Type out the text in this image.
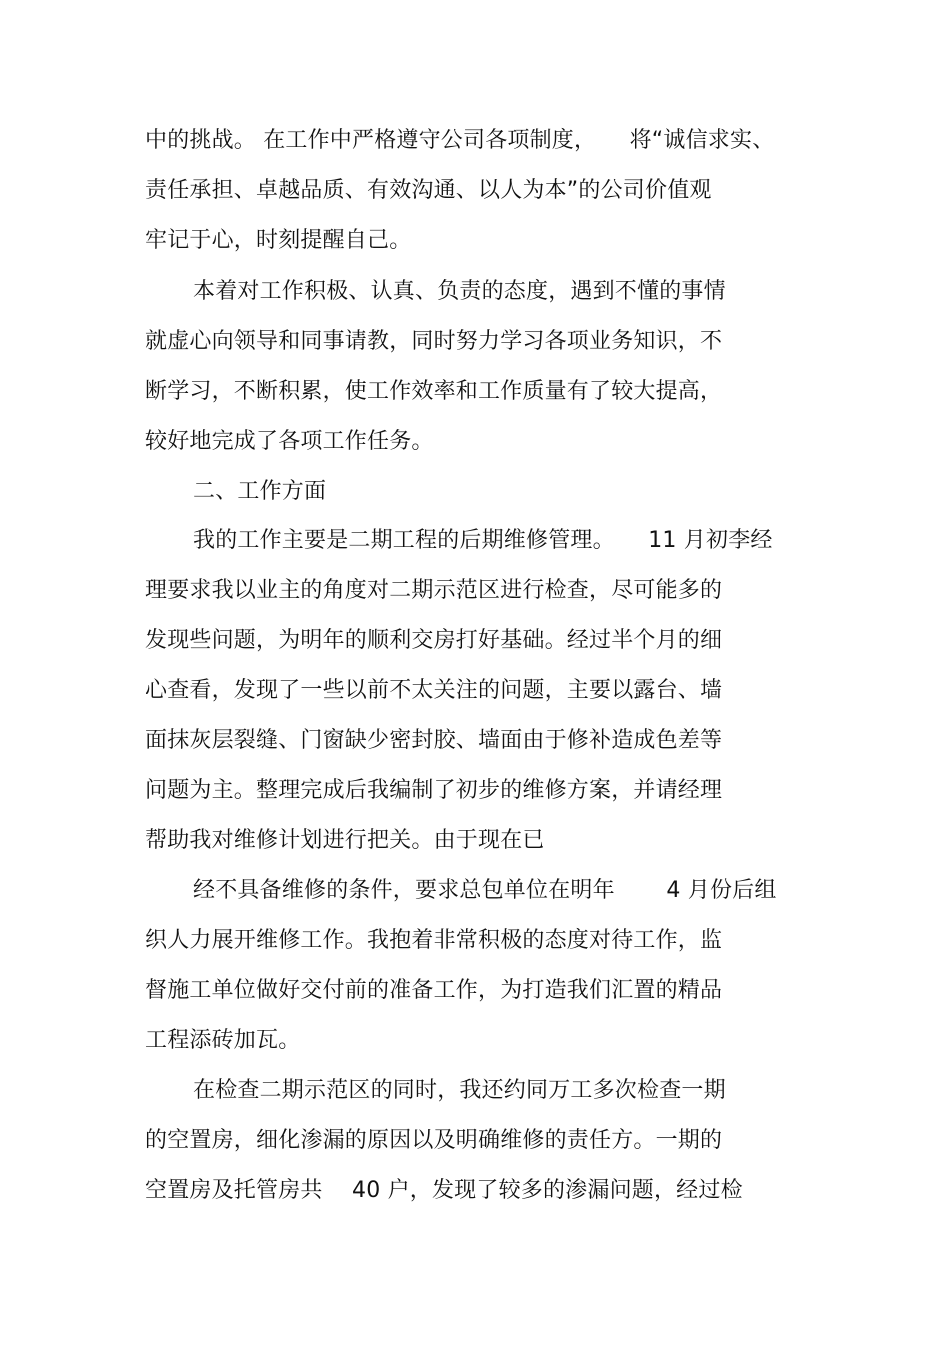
中的挑战。 在工作中严格遵守公司各项制度，　　将“诚信求实、
责任承担、卓越品质、有效沟通、以人为本”的公司价值观
牢记于心，时刻提醒自己。
本着对工作积极、认真、负责的态度，遇到不懂的事情
就虚心向领导和同事请教，同时努力学习各项业务知识，不
断学习，不断积累，使工作效率和工作质量有了较大提高，
较好地完成了各项工作任务。
二、工作方面
我的工作主要是二期工程的后期维修管理。　　11 月初李经
理要求我以业主的角度对二期示范区进行检查，尽可能多的
发现些问题，为明年的顺利交房打好基础。经过半个月的细
心查看，发现了一些以前不太关注的问题，主要以露台、墙
面抹灰层裂缝、门窗缺少密封胶、墙面由于修补造成色差等
问题为主。整理完成后我编制了初步的维修方案，并请经理
帮助我对维修计划进行把关。由于现在已
经不具备维修的条件，要求总包单位在明年　　 4 月份后组
织人力展开维修工作。我抱着非常积极的态度对待工作，监
督施工单位做好交付前的准备工作，为打造我们汇置的精品
工程添砖加瓦。
在检查二期示范区的同时，我还约同万工多次检查一期
的空置房，细化渗漏的原因以及明确维修的责任方。一期的
空置房及托管房共　 40 户，发现了较多的渗漏问题，经过检
